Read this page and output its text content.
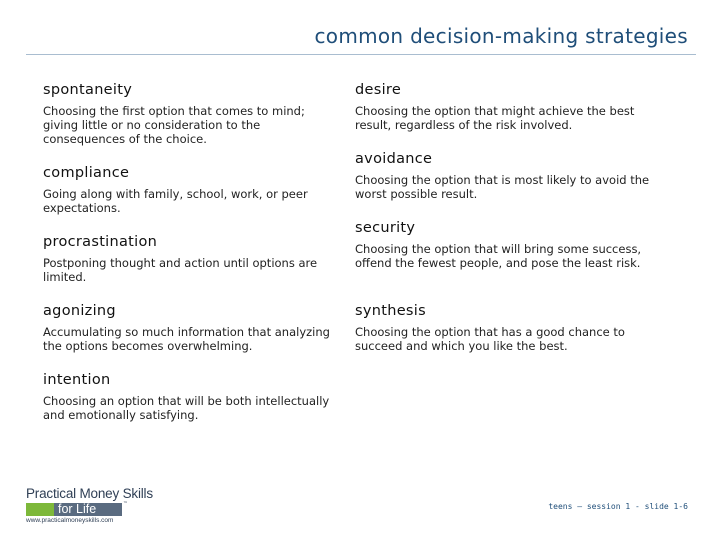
common decision-making strategies
spontaneity
Choosing the first option that comes to mind; giving little or no consideration to the consequences of the choice.
compliance
Going along with family, school, work, or peer expectations.
procrastination
Postponing thought and action until options are limited.
agonizing
Accumulating so much information that analyzing the options becomes overwhelming.
intention
Choosing an option that will be both intellectually and emotionally satisfying.
desire
Choosing the option that might achieve the best result, regardless of the risk involved.
avoidance
Choosing the option that is most likely to avoid the worst possible result.
security
Choosing the option that will bring some success, offend the fewest people, and pose the least risk.
synthesis
Choosing the option that has a good chance to succeed and which you like the best.
Practical Money Skills
for Life	™
www.practicalmoneyskills.com
teens – session 1 - slide 1-6
